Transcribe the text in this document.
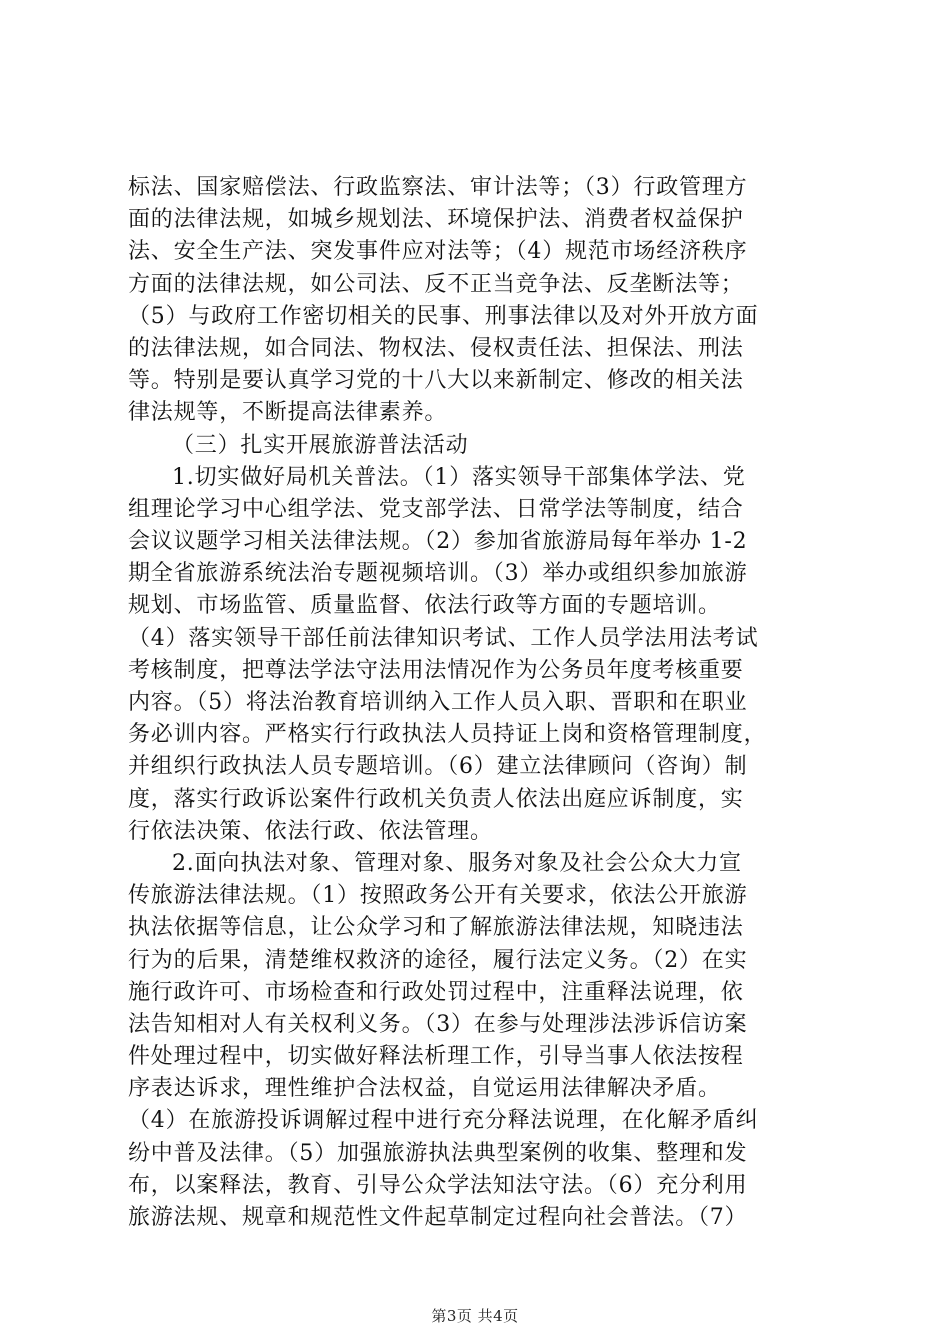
标法、国家赔偿法、行政监察法、审计法等；（3）行政管理方
面的法律法规，如城乡规划法、环境保护法、消费者权益保护
法、安全生产法、突发事件应对法等；（4）规范市场经济秩序
方面的法律法规，如公司法、反不正当竞争法、反垄断法等；
（5）与政府工作密切相关的民事、刑事法律以及对外开放方面
的法律法规，如合同法、物权法、侵权责任法、担保法、刑法
等。特别是要认真学习党的十八大以来新制定、修改的相关法
律法规等，不断提高法律素养。
（三）扎实开展旅游普法活动
1.切实做好局机关普法。（1）落实领导干部集体学法、党
组理论学习中心组学法、党支部学法、日常学法等制度，结合
会议议题学习相关法律法规。（2）参加省旅游局每年举办 1-2
期全省旅游系统法治专题视频培训。（3）举办或组织参加旅游
规划、市场监管、质量监督、依法行政等方面的专题培训。
（4）落实领导干部任前法律知识考试、工作人员学法用法考试
考核制度，把尊法学法守法用法情况作为公务员年度考核重要
内容。（5）将法治教育培训纳入工作人员入职、晋职和在职业
务必训内容。严格实行行政执法人员持证上岗和资格管理制度，
并组织行政执法人员专题培训。（6）建立法律顾问（咨询）制
度，落实行政诉讼案件行政机关负责人依法出庭应诉制度，实
行依法决策、依法行政、依法管理。
2.面向执法对象、管理对象、服务对象及社会公众大力宣
传旅游法律法规。（1）按照政务公开有关要求，依法公开旅游
执法依据等信息，让公众学习和了解旅游法律法规，知晓违法
行为的后果，清楚维权救济的途径，履行法定义务。（2）在实
施行政许可、市场检查和行政处罚过程中，注重释法说理，依
法告知相对人有关权利义务。（3）在参与处理涉法涉诉信访案
件处理过程中，切实做好释法析理工作，引导当事人依法按程
序表达诉求，理性维护合法权益，自觉运用法律解决矛盾。
（4）在旅游投诉调解过程中进行充分释法说理，在化解矛盾纠
纷中普及法律。（5）加强旅游执法典型案例的收集、整理和发
布，以案释法，教育、引导公众学法知法守法。（6）充分利用
旅游法规、规章和规范性文件起草制定过程向社会普法。（7）
第3页 共4页
